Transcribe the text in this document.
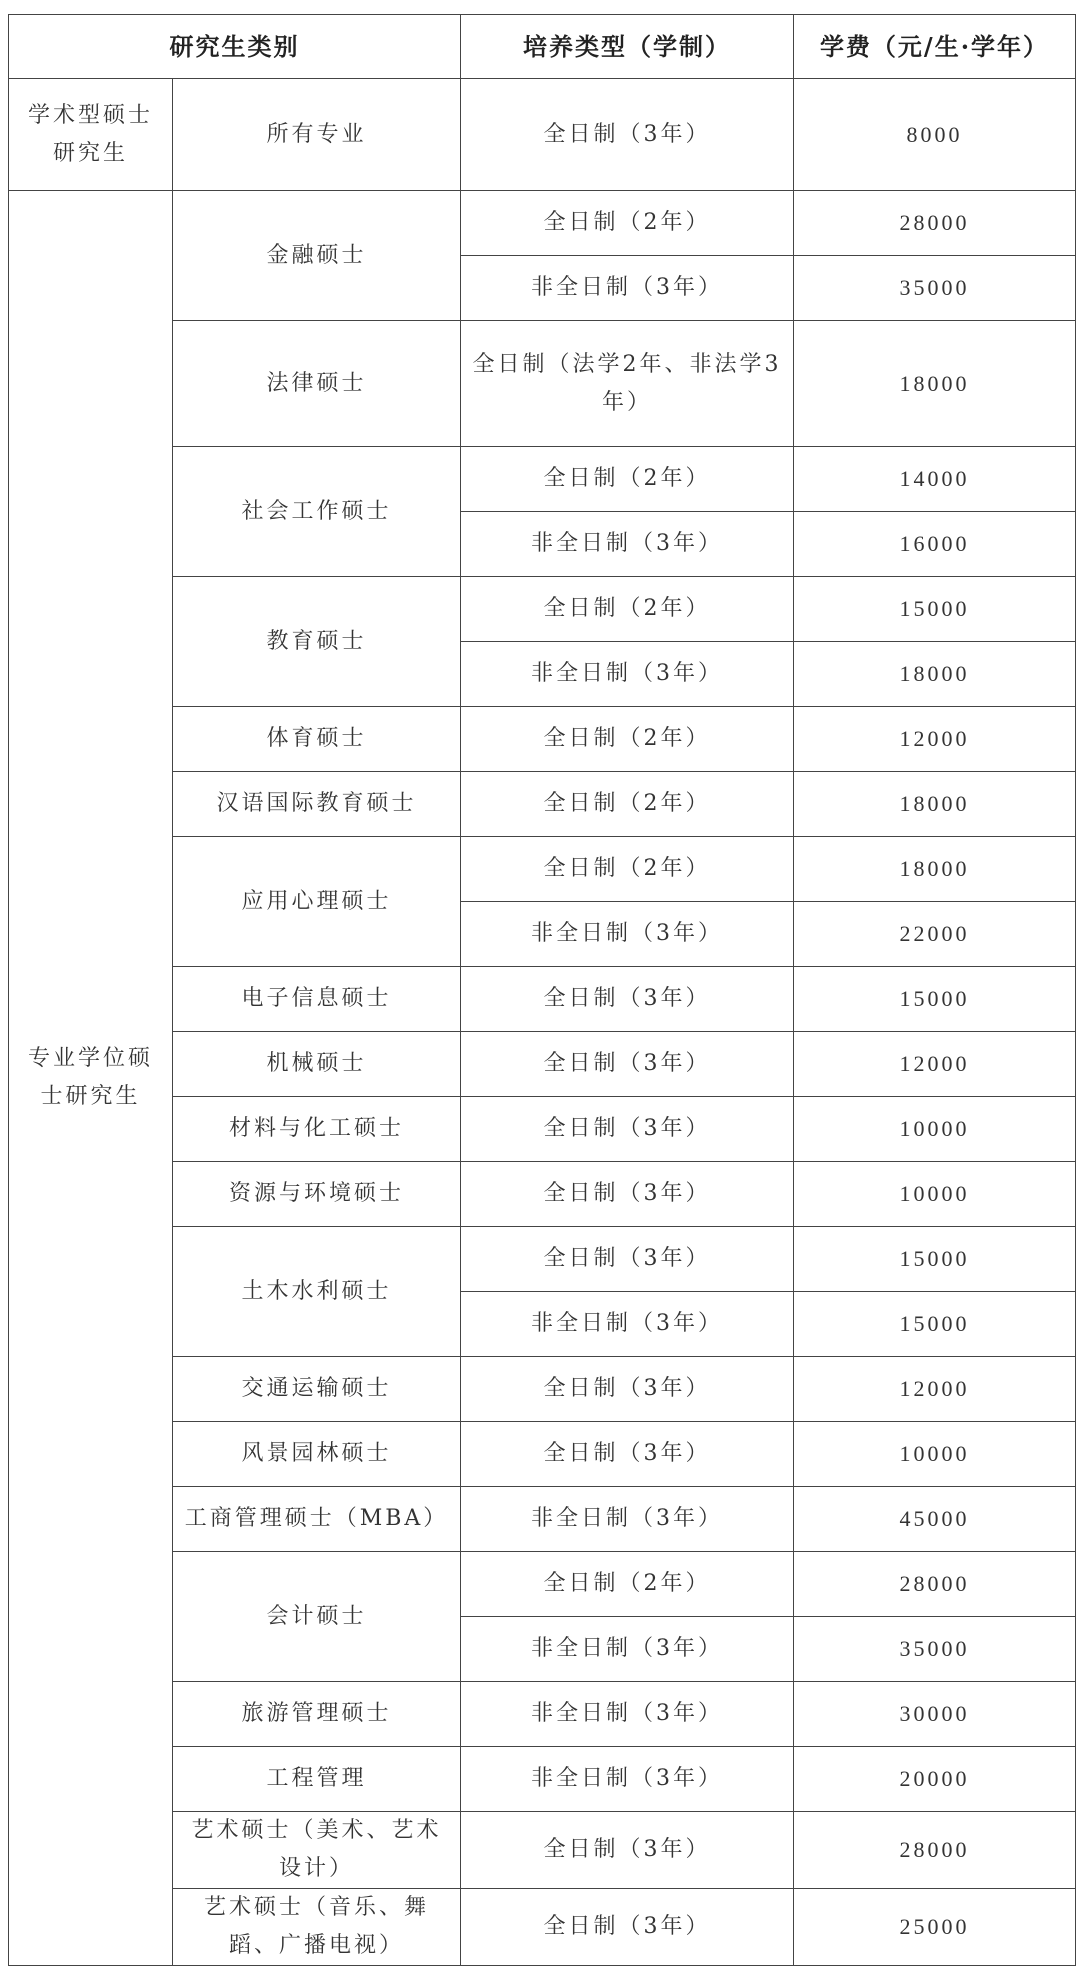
研究生类别		培养类型（学制）	学费（元/生·学年）
学术型硕士研究生	所有专业	全日制（3年）	8000
专业学位硕士研究生	金融硕士	全日制（2年）	28000
		非全日制（3年）	35000
	法律硕士	全日制（法学2年、非法学3年）	18000
	社会工作硕士	全日制（2年）	14000
		非全日制（3年）	16000
	教育硕士	全日制（2年）	15000
		非全日制（3年）	18000
	体育硕士	全日制（2年）	12000
	汉语国际教育硕士	全日制（2年）	18000
	应用心理硕士	全日制（2年）	18000
		非全日制（3年）	22000
	电子信息硕士	全日制（3年）	15000
	机械硕士	全日制（3年）	12000
	材料与化工硕士	全日制（3年）	10000
	资源与环境硕士	全日制（3年）	10000
	土木水利硕士	全日制（3年）	15000
		非全日制（3年）	15000
	交通运输硕士	全日制（3年）	12000
	风景园林硕士	全日制（3年）	10000
	工商管理硕士（MBA）	非全日制（3年）	45000
	会计硕士	全日制（2年）	28000
		非全日制（3年）	35000
	旅游管理硕士	非全日制（3年）	30000
	工程管理	非全日制（3年）	20000
	艺术硕士（美术、艺术设计）	全日制（3年）	28000
	艺术硕士（音乐、舞蹈、广播电视）	全日制（3年）	25000
